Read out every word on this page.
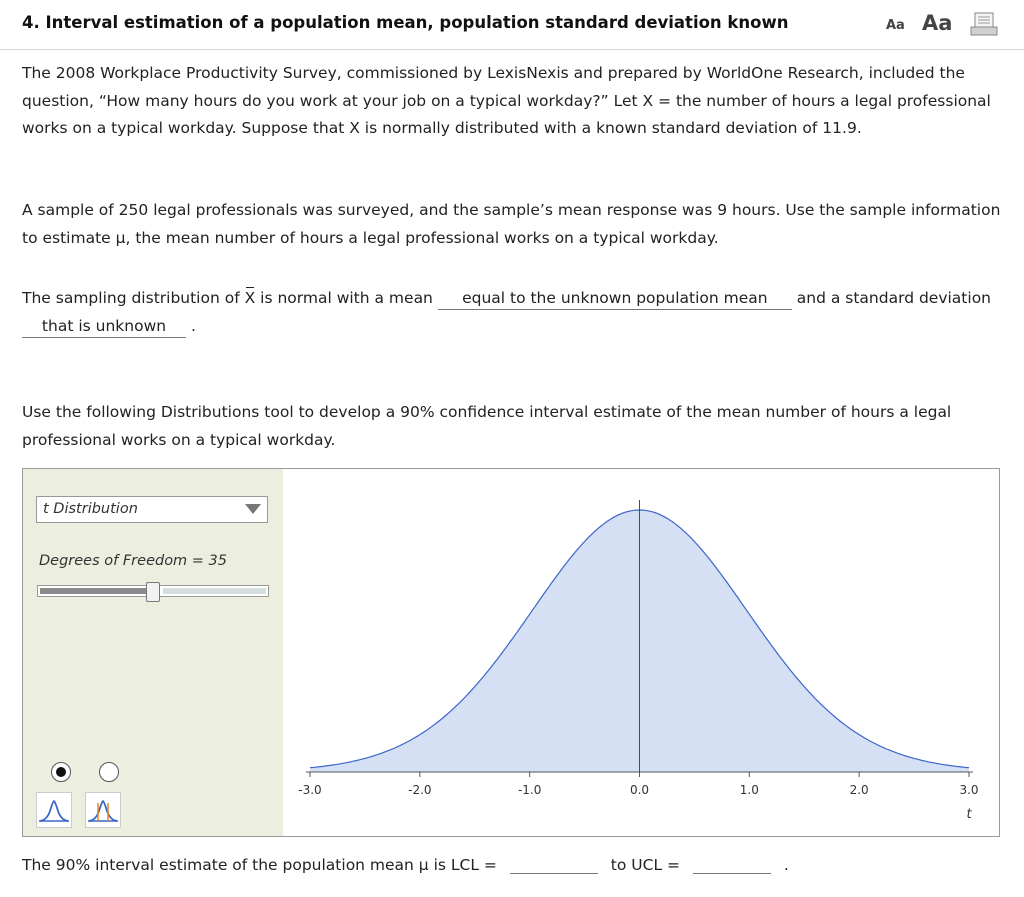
4. Interval estimation of a population mean, population standard deviation known	Aa Aa

The 2008 Workplace Productivity Survey, commissioned by LexisNexis and prepared by WorldOne Research, included the question, “How many hours do you work at your job on a typical workday?” Let X = the number of hours a legal professional works on a typical workday. Suppose that X is normally distributed with a known standard deviation of 11.9.

A sample of 250 legal professionals was surveyed, and the sample’s mean response was 9 hours. Use the sample information to estimate μ, the mean number of hours a legal professional works on a typical workday.

The sampling distribution of X is normal with a mean equal to the unknown population mean and a standard deviation that is unknown .

Use the following Distributions tool to develop a 90% confidence interval estimate of the mean number of hours a legal professional works on a typical workday.

t Distribution
Degrees of Freedom = 35
-3.0	-2.0	-1.0	0.0	1.0	2.0	3.0
t
The 90% interval estimate of the population mean μ is LCL =	to UCL =	.
